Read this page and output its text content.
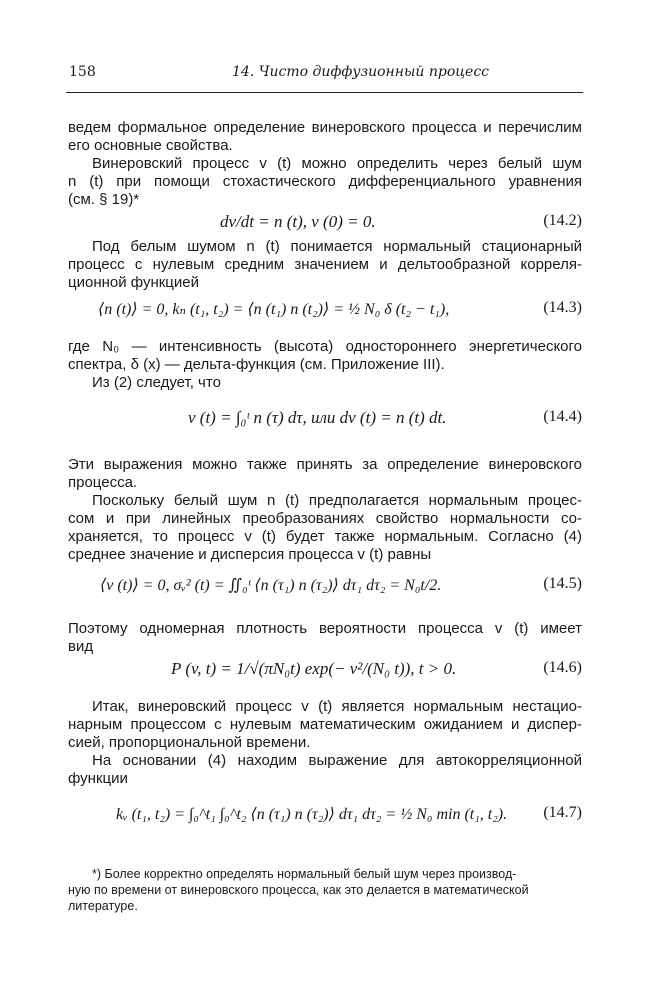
158	14. Чисто диффузионный процесс
ведем формальное определение винеровского процесса и перечислим
его основные свойства.
Винеровский процесс v (t) можно определить через белый шум
n (t) при помощи стохастического дифференциального уравнения
(см. § 19)*
dv/dt = n (t), v (0) = 0.	(14.2)
Под белым шумом n (t) понимается нормальный стационарный
процесс с нулевым средним значением и дельтообразной корреля-
ционной функцией
⟨n (t)⟩ = 0, kₙ (t₁, t₂) = ⟨n (t₁) n (t₂)⟩ = ½ N₀ δ (t₂ − t₁),	(14.3)
где N₀ — интенсивность (высота) одностороннего энергетического
спектра, δ (x) — дельта-функция (см. Приложение III).
Из (2) следует, что
v (t) = ∫₀ᵗ n (τ) dτ, или dv (t) = n (t) dt.	(14.4)
Эти выражения можно также принять за определение винеровского
процесса.
Поскольку белый шум n (t) предполагается нормальным процес-
сом и при линейных преобразованиях свойство нормальности со-
храняется, то процесс v (t) будет также нормальным. Согласно (4)
среднее значение и дисперсия процесса v (t) равны
⟨v (t)⟩ = 0, σᵥ² (t) = ∬₀ᵗ ⟨n (τ₁) n (τ₂)⟩ dτ₁ dτ₂ = N₀t/2.	(14.5)
Поэтому одномерная плотность вероятности процесса v (t) имеет
вид
P (v, t) = 1/√(πN₀t) exp(− v²/(N₀ t)), t > 0.	(14.6)
Итак, винеровский процесс v (t) является нормальным нестацио-
нарным процессом с нулевым математическим ожиданием и диспер-
сией, пропорциональной времени.
На основании (4) находим выражение для автокорреляционной
функции
kᵥ (t₁, t₂) = ∫₀^t₁ ∫₀^t₂ ⟨n (τ₁) n (τ₂)⟩ dτ₁ dτ₂ = ½ N₀ min (t₁, t₂). (14.7)
*) Более корректно определять нормальный белый шум через производ-
ную по времени от винеровского процесса, как это делается в математической
литературе.
